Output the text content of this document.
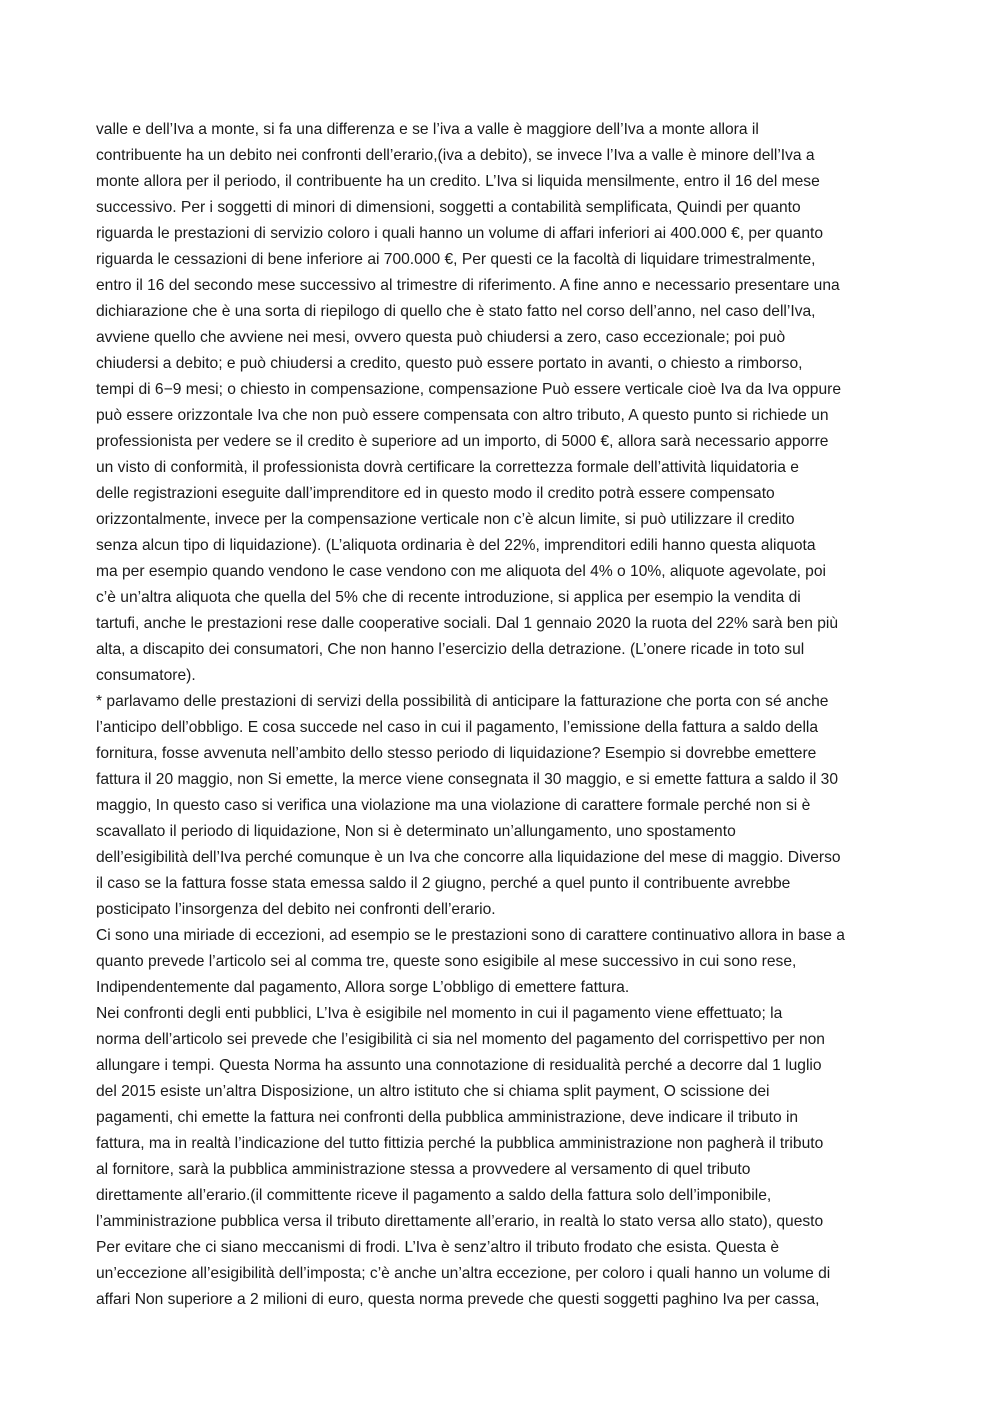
valle e dell’Iva a monte, si fa una differenza e se l’iva a valle è maggiore dell’Iva a monte allora il
contribuente ha un debito nei confronti dell’erario,(iva a debito), se invece l’Iva a valle è minore dell’Iva a
monte allora per il periodo, il contribuente ha un credito. L’Iva si liquida mensilmente, entro il 16 del mese
successivo. Per i soggetti di minori di dimensioni, soggetti a contabilità semplificata, Quindi per quanto
riguarda le prestazioni di servizio coloro i quali hanno un volume di affari inferiori ai 400.000 €, per quanto
riguarda le cessazioni di bene inferiore ai 700.000 €, Per questi ce la facoltà di liquidare trimestralmente,
entro il 16 del secondo mese successivo al trimestre di riferimento. A fine anno e necessario presentare una
dichiarazione che è una sorta di riepilogo di quello che è stato fatto nel corso dell’anno, nel caso dell’Iva,
avviene quello che avviene nei mesi, ovvero questa può chiudersi a zero, caso eccezionale; poi può
chiudersi a debito; e può chiudersi a credito, questo può essere portato in avanti, o chiesto a rimborso,
tempi di 6−9 mesi; o chiesto in compensazione, compensazione Può essere verticale cioè Iva da Iva oppure
può essere orizzontale Iva che non può essere compensata con altro tributo, A questo punto si richiede un
professionista per vedere se il credito è superiore ad un importo, di 5000 €, allora sarà necessario apporre
un visto di conformità, il professionista dovrà certificare la correttezza formale dell’attività liquidatoria e
delle registrazioni eseguite dall’imprenditore ed in questo modo il credito potrà essere compensato
orizzontalmente, invece per la compensazione verticale non c’è alcun limite, si può utilizzare il credito
senza alcun tipo di liquidazione). (L’aliquota ordinaria è del 22%, imprenditori edili hanno questa aliquota
ma per esempio quando vendono le case vendono con me aliquota del 4% o 10%, aliquote agevolate, poi
c’è un’altra aliquota che quella del 5% che di recente introduzione, si applica per esempio la vendita di
tartufi, anche le prestazioni rese dalle cooperative sociali. Dal 1 gennaio 2020 la ruota del 22% sarà ben più
alta, a discapito dei consumatori, Che non hanno l’esercizio della detrazione. (L’onere ricade in toto sul
consumatore).
* parlavamo delle prestazioni di servizi della possibilità di anticipare la fatturazione che porta con sé anche
l’anticipo dell’obbligo. E cosa succede nel caso in cui il pagamento, l’emissione della fattura a saldo della
fornitura, fosse avvenuta nell’ambito dello stesso periodo di liquidazione? Esempio si dovrebbe emettere
fattura il 20 maggio, non Si emette, la merce viene consegnata il 30 maggio, e si emette fattura a saldo il 30
maggio, In questo caso si verifica una violazione ma una violazione di carattere formale perché non si è
scavallato il periodo di liquidazione, Non si è determinato un’allungamento, uno spostamento
dell’esigibilità dell’Iva perché comunque è un Iva che concorre alla liquidazione del mese di maggio. Diverso
il caso se la fattura fosse stata emessa saldo il 2 giugno, perché a quel punto il contribuente avrebbe
posticipato l’insorgenza del debito nei confronti dell’erario.
Ci sono una miriade di eccezioni, ad esempio se le prestazioni sono di carattere continuativo allora in base a
quanto prevede l’articolo sei al comma tre, queste sono esigibile al mese successivo in cui sono rese,
Indipendentemente dal pagamento, Allora sorge L’obbligo di emettere fattura.
Nei confronti degli enti pubblici, L’Iva è esigibile nel momento in cui il pagamento viene effettuato; la
norma dell’articolo sei prevede che l’esigibilità ci sia nel momento del pagamento del corrispettivo per non
allungare i tempi. Questa Norma ha assunto una connotazione di residualità perché a decorre dal 1 luglio
del 2015 esiste un’altra Disposizione, un altro istituto che si chiama split payment, O scissione dei
pagamenti, chi emette la fattura nei confronti della pubblica amministrazione, deve indicare il tributo in
fattura, ma in realtà l’indicazione del tutto fittizia perché la pubblica amministrazione non pagherà il tributo
al fornitore, sarà la pubblica amministrazione stessa a provvedere al versamento di quel tributo
direttamente all’erario.(il committente riceve il pagamento a saldo della fattura solo dell’imponibile,
l’amministrazione pubblica versa il tributo direttamente all’erario, in realtà lo stato versa allo stato), questo
Per evitare che ci siano meccanismi di frodi. L’Iva è senz’altro il tributo frodato che esista. Questa è
un’eccezione all’esigibilità dell’imposta; c’è anche un’altra eccezione, per coloro i quali hanno un volume di
affari Non superiore a 2 milioni di euro, questa norma prevede che questi soggetti paghino Iva per cassa,
